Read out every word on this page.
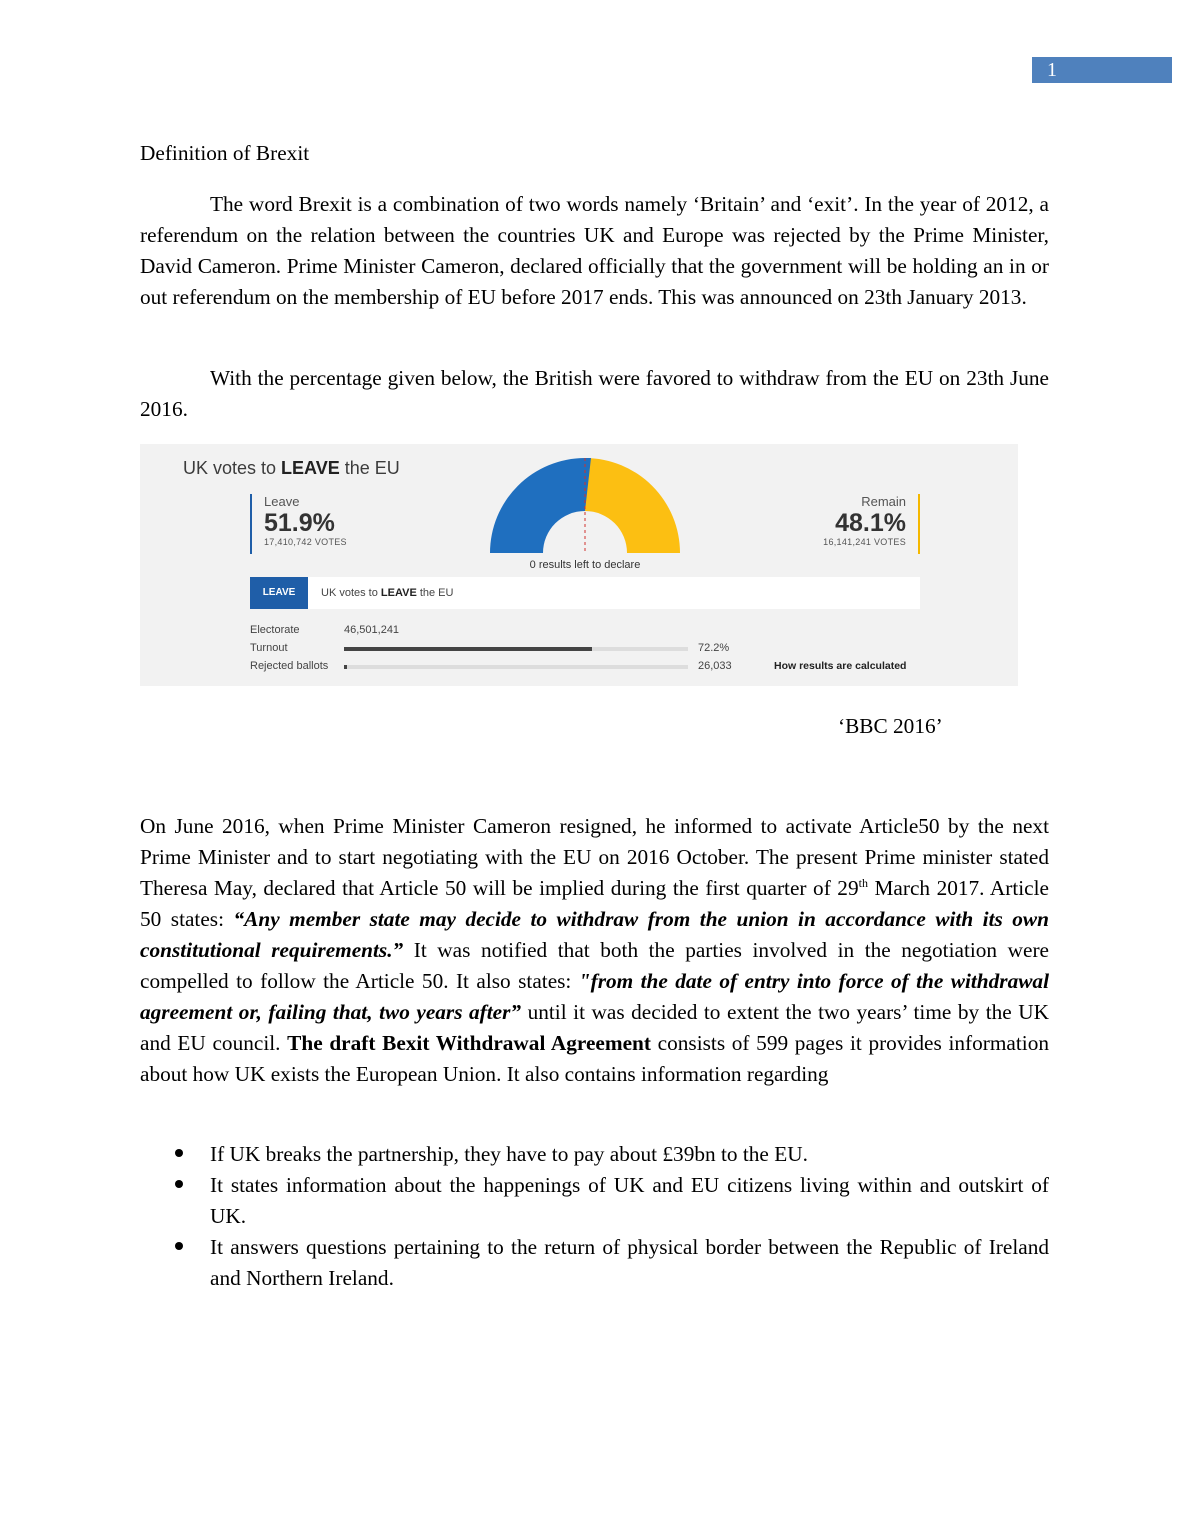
1
Definition of Brexit

The word Brexit is a combination of two words namely ‘Britain’ and ‘exit’. In the year of 2012, a referendum on the relation between the countries UK and Europe was rejected by the Prime Minister, David Cameron. Prime Minister Cameron, declared officially that the government will be holding an in or out referendum on the membership of EU before 2017 ends. This was announced on 23th January 2013.

With the percentage given below, the British were favored to withdraw from the EU on 23th June 2016.

UK votes to LEAVE the EU
Leave
51.9%
17,410,742 VOTES
Remain
48.1%
16,141,241 VOTES
0 results left to declare
LEAVE	UK votes to LEAVE the EU
Electorate	46,501,241
Turnout	72.2%
Rejected ballots	26,033	How results are calculated
‘BBC 2016’

On June 2016, when Prime Minister Cameron resigned, he informed to activate Article50 by the next Prime Minister and to start negotiating with the EU on 2016 October. The present Prime minister stated Theresa May, declared that Article 50 will be implied during the first quarter of 29th March 2017. Article 50 states: “Any member state may decide to withdraw from the union in accordance with its own constitutional requirements.” It was notified that both the parties involved in the negotiation were compelled to follow the Article 50. It also states: "from the date of entry into force of the withdrawal agreement or, failing that, two years after” until it was decided to extent the two years’ time by the UK and EU council. The draft Bexit Withdrawal Agreement consists of 599 pages it provides information about how UK exists the European Union. It also contains information regarding

If UK breaks the partnership, they have to pay about £39bn to the EU.
It states information about the happenings of UK and EU citizens living within and outskirt of UK.
It answers questions pertaining to the return of physical border between the Republic of Ireland and Northern Ireland.
